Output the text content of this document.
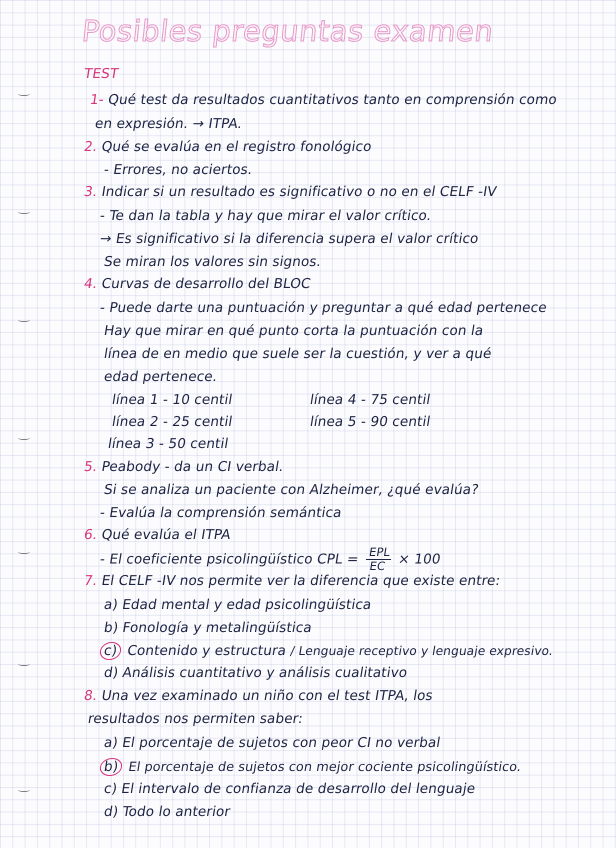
Posibles preguntas examen
TEST
1- Qué test da resultados cuantitativos tanto en comprensión como
en expresión. → ITPA.
2. Qué se evalúa en el registro fonológico
- Errores, no aciertos.
3. Indicar si un resultado es significativo o no en el CELF -IV
- Te dan la tabla y hay que mirar el valor crítico.
→ Es significativo si la diferencia supera el valor crítico
Se miran los valores sin signos.
4. Curvas de desarrollo del BLOC
- Puede darte una puntuación y preguntar a qué edad pertenece
Hay que mirar en qué punto corta la puntuación con la
línea de en medio que suele ser la cuestión, y ver a qué
edad pertenece.
línea 1 - 10 centil	línea 4 - 75 centil
línea 2 - 25 centil	línea 5 - 90 centil
línea 3 - 50 centil
5. Peabody - da un CI verbal.
Si se analiza un paciente con Alzheimer, ¿qué evalúa?
- Evalúa la comprensión semántica
6. Qué evalúa el ITPA
- El coeficiente psicolingüístico CPL = $\frac{\text{EPL}}{EC} \times 100$
7. El CELF -IV nos permite ver la diferencia que existe entre:
a) Edad mental y edad psicolingüística
b) Fonología y metalingüística
c) Contenido y estructura / Lenguaje receptivo y lenguaje expresivo.
d) Análisis cuantitativo y análisis cualitativo
8. Una vez examinado un niño con el test ITPA, los
resultados nos permiten saber:
a) El porcentaje de sujetos con peor CI no verbal
b) El porcentaje de sujetos con mejor cociente psicolingüístico.
c) El intervalo de confianza de desarrollo del lenguaje
d) Todo lo anterior
